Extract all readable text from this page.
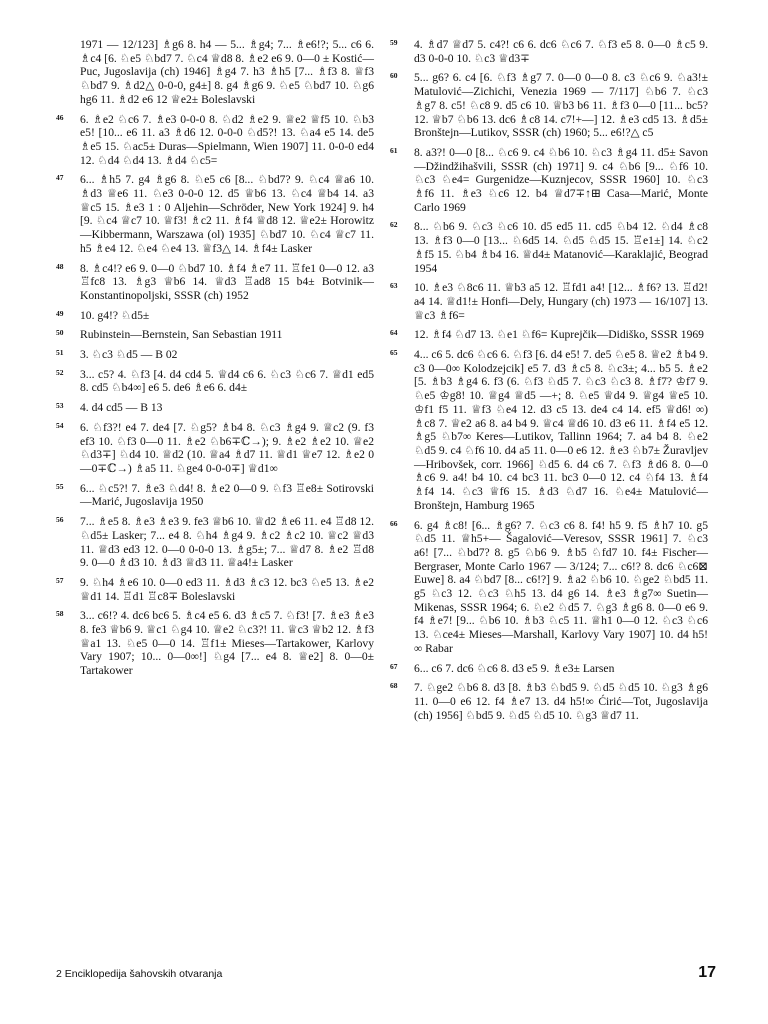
1971 — 12/123] ♗g6 8. h4 — 5... ♗g4; 7... ♗e6!?; 5... c6 6. ♗c4 [6. ♘e5 ♘bd7 7. ♘c4 ♕d8 8. ♗e2 e6 9. 0—0 ± Kostić—Puc, Jugoslavija (ch) 1946] ♗g4 7. h3 ♗h5 [7... ♗f3 8. ♕f3 ♘bd7 9. ♗d2△ 0-0-0, g4±] 8. g4 ♗g6 9. ♘e5 ♘bd7 10. ♘g6 hg6 11. ♗d2 e6 12 ♕e2± Boleslavski
46 6. ♗e2 ♘c6 7. ♗e3 0-0-0 8. ♘d2 ♗e2 9. ♕e2 ♕f5 10. ♘b3 e5! [10... e6 11. a3 ♗d6 12. 0-0-0 ♘d5?! 13. ♘a4 e5 14. de5 ♗e5 15. ♘ac5± Duras—Spielmann, Wien 1907] 11. 0-0-0 ed4 12. ♘d4 ♘d4 13. ♗d4 ♘c5=
47 6... ♗h5 7. g4 ♗g6 8. ♘e5 c6 [8... ♘bd7? 9. ♘c4 ♕a6 10. ♗d3 ♕e6 11. ♘e3 0-0-0 12. d5 ♕b6 13. ♘c4 ♕b4 14. a3 ♕c5 15. ♗e3 1 : 0 Aljehin—Schröder, New York 1924] 9. h4 [9. ♘c4 ♕c7 10. ♕f3! ♗c2 11. ♗f4 ♕d8 12. ♕e2± Horowitz—Kibbermann, Warszawa (ol) 1935] ♘bd7 10. ♘c4 ♕c7 11. h5 ♗e4 12. ♘e4 ♘e4 13. ♕f3△ 14. ♗f4± Lasker
48 8. ♗c4!? e6 9. 0—0 ♘bd7 10. ♗f4 ♗e7 11. ♖fe1 0—0 12. a3 ♖fc8 13. ♗g3 ♕b6 14. ♕d3 ♖ad8 15 b4± Botvinik—Konstantinopoljski, SSSR (ch) 1952
49 10. g4!? ♘d5±
50 Rubinstein—Bernstein, San Sebastian 1911
51 3. ♘c3 ♘d5 — B 02
52 3... c5? 4. ♘f3 [4. d4 cd4 5. ♕d4 c6 6. ♘c3 ♘c6 7. ♕d1 ed5 8. cd5 ♘b4∞] e6 5. de6 ♗e6 6. d4±
53 4. d4 cd5 — B 13
54 6. ♘f3?! e4 7. de4 [7. ♘g5? ♗b4 8. ♘c3 ♗g4 9. ♕c2 (9. f3 ef3 10. ♘f3 0—0 11. ♗e2 ♘b6∓ℂ→); 9. ♗e2 ♗e2 10. ♕e2 ♘d3∓] ♘d4 10. ♕d2 (10. ♕a4 ♗d7 11. ♕d1 ♕e7 12. ♗e2 0—0∓ℂ→) ♗a5 11. ♘ge4 0-0-0∓] ♕d1∞
55 6... ♘c5?! 7. ♗e3 ♘d4! 8. ♗e2 0—0 9. ♘f3 ♖e8± Sotirovski—Marić, Jugoslavija 1950
56 7... ♗e5 8. ♗e3 ♗e3 9. fe3 ♕b6 10. ♕d2 ♗e6 11. e4 ♖d8 12. ♘d5± Lasker; 7... e4 8. ♘h4 ♗g4 9. ♗c2 ♗c2 10. ♕c2 ♕d3 11. ♕d3 ed3 12. 0—0 0-0-0 13. ♗g5±; 7... ♕d7 8. ♗e2 ♖d8 9. 0—0 ♗d3 10. ♗d3 ♕d3 11. ♕a4!± Lasker
57 9. ♘h4 ♗e6 10. 0—0 ed3 11. ♗d3 ♗c3 12. bc3 ♘e5 13. ♗e2 ♕d1 14. ♖d1 ♖c8∓ Boleslavski
58 3... c6!? 4. dc6 bc6 5. ♗c4 e5 6. d3 ♗c5 7. ♘f3! [7. ♗e3 ♗e3 8. fe3 ♕b6 9. ♕c1 ♘g4 10. ♕e2 ♘c3?! 11. ♕c3 ♕b2 12. ♗f3 ♕a1 13. ♘e5 0—0 14. ♖f1± Mieses—Tartakower, Karlovy Vary 1907; 10... 0—0∞!] ♘g4 [7... e4 8. ♕e2] 8. 0—0± Tartakower
59 4. ♗d7 ♕d7 5. c4?! c6 6. dc6 ♘c6 7. ♘f3 e5 8. 0—0 ♗c5 9. d3 0-0-0 10. ♘c3 ♕d3∓
60 5... g6? 6. c4 [6. ♘f3 ♗g7 7. 0—0 0—0 8. c3 ♘c6 9. ♘a3!± Matulović—Zichichi, Venezia 1969 — 7/117] ♘b6 7. ♘c3 ♗g7 8. c5! ♘c8 9. d5 c6 10. ♕b3 b6 11. ♗f3 0—0 [11... bc5? 12. ♕b7 ♘b6 13. dc6 ♗c8 14. c7!+—] 12. ♗e3 cd5 13. ♗d5± Bronštejn—Lutikov, SSSR (ch) 1960; 5... e6!?△ c5
61 8. a3?! 0—0 [8... ♘c6 9. c4 ♘b6 10. ♘c3 ♗g4 11. d5± Savon—Džindžihašvili, SSSR (ch) 1971] 9. c4 ♘b6 [9... ♘f6 10. ♘c3 ♘e4= Gurgenidze—Kuznjecov, SSSR 1960] 10. ♘c3 ♗f6 11. ♗e3 ♘c6 12. b4 ♕d7∓↑⊞ Casa—Marić, Monte Carlo 1969
62 8... ♘b6 9. ♘c3 ♘c6 10. d5 ed5 11. cd5 ♘b4 12. ♘d4 ♗c8 13. ♗f3 0—0 [13... ♘6d5 14. ♘d5 ♘d5 15. ♖e1±] 14. ♘c2 ♗f5 15. ♘b4 ♗b4 16. ♕d4± Matanović—Karaklajić, Beograd 1954
63 10. ♗e3 ♘8c6 11. ♕b3 a5 12. ♖fd1 a4! [12... ♗f6? 13. ♖d2! a4 14. ♕d1!± Honfi—Dely, Hungary (ch) 1973 — 16/107] 13. ♕c3 ♗f6=
64 12. ♗f4 ♘d7 13. ♘e1 ♘f6= Kuprejčik—Didiško, SSSR 1969
65 4... c6 5. dc6 ♘c6 6. ♘f3 [6. d4 e5! 7. de5 ♘e5 8. ♕e2 ♗b4 9. c3 0—0∞ Kolodzejcik] e5 7. d3 ♗c5 8. ♘c3±; 4... b5 5. ♗e2 [5. ♗b3 ♗g4 6. f3 (6. ♘f3 ♘d5 7. ♘c3 ♘c3 8. ♗f7? ♔f7 9. ♘e5 ♔g8! 10. ♕g4 ♕d5 —+; 8. ♘e5 ♕d4 9. ♕g4 ♕e5 10. ♔f1 f5 11. ♕f3 ♘e4 12. d3 c5 13. de4 c4 14. ef5 ♕d6! ∞) ♗c8 7. ♕e2 a6 8. a4 b4 9. ♕c4 ♕d6 10. d3 e6 11. ♗f4 e5 12. ♗g5 ♘b7∞ Keres—Lutikov, Tallinn 1964; 7. a4 b4 8. ♘e2 ♘d5 9. c4 ♘f6 10. d4 a5 11. 0—0 e6 12. ♗e3 ♘b7± Žuravljev—Hribovšek, corr. 1966] ♘d5 6. d4 c6 7. ♘f3 ♗d6 8. 0—0 ♗c6 9. a4! b4 10. c4 bc3 11. bc3 0—0 12. c4 ♘f4 13. ♗f4 ♗f4 14. ♘c3 ♕f6 15. ♗d3 ♘d7 16. ♘e4± Matulović—Bronštejn, Hamburg 1965
66 6. g4 ♗c8! [6... ♗g6? 7. ♘c3 c6 8. f4! h5 9. f5 ♗h7 10. g5 ♘d5 11. ♕h5+— Šagalović—Veresov, SSSR 1961] 7. ♘c3 a6! [7... ♘bd7? 8. g5 ♘b6 9. ♗b5 ♘fd7 10. f4± Fischer—Bergraser, Monte Carlo 1967 — 3/124; 7... c6!? 8. dc6 ♘c6⊠ Euwe] 8. a4 ♘bd7 [8... c6!?] 9. ♗a2 ♘b6 10. ♘ge2 ♘bd5 11. g5 ♘c3 12. ♘c3 ♘h5 13. d4 g6 14. ♗e3 ♗g7∞ Suetin—Mikenas, SSSR 1964; 6. ♘e2 ♘d5 7. ♘g3 ♗g6 8. 0—0 e6 9. f4 ♗e7! [9... ♘b6 10. ♗b3 ♘c5 11. ♕h1 0—0 12. ♘c3 ♘c6 13. ♘ce4± Mieses—Marshall, Karlovy Vary 1907] 10. d4 h5!∞ Rabar
67 6... c6 7. dc6 ♘c6 8. d3 e5 9. ♗e3± Larsen
68 7. ♘ge2 ♘b6 8. d3 [8. ♗b3 ♘bd5 9. ♘d5 ♘d5 10. ♘g3 ♗g6 11. 0—0 e6 12. f4 ♗e7 13. d4 h5!∞ Ćirić—Tot, Jugoslavija (ch) 1956] ♘bd5 9. ♘d5 ♘d5 10. ♘g3 ♕d7 11.
2 Enciklopedija šahovskih otvaranja	17
